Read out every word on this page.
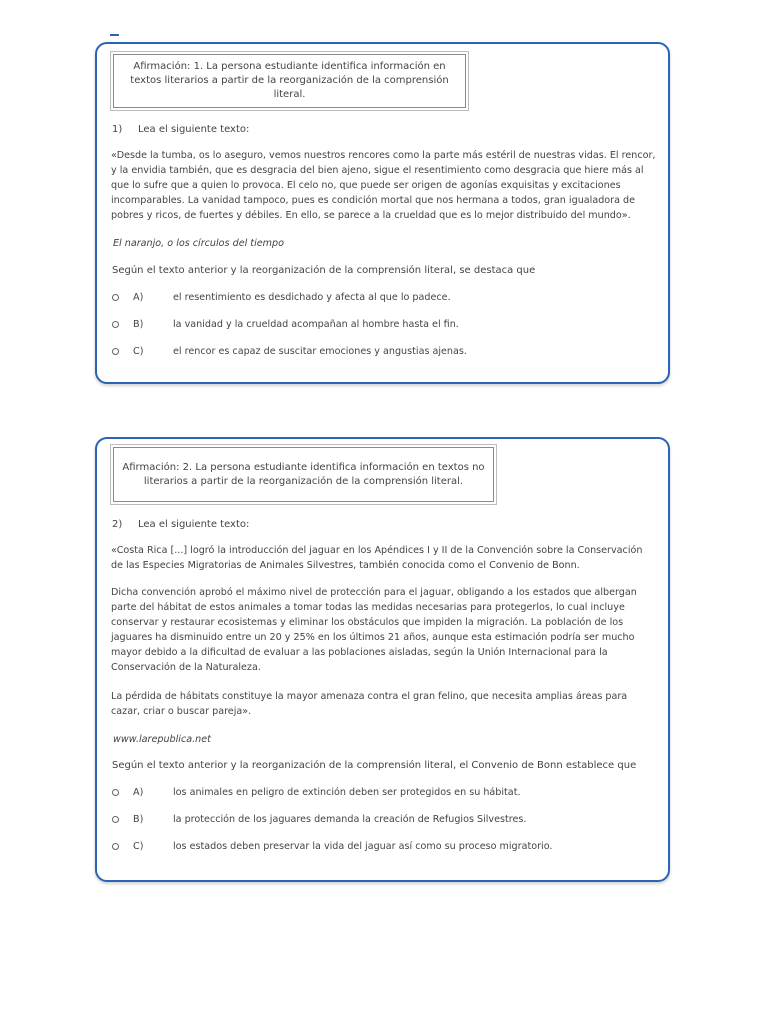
Afirmación: 1. La persona estudiante identifica información en textos literarios a partir de la reorganización de la comprensión literal.
1) Lea el siguiente texto:
«Desde la tumba, os lo aseguro, vemos nuestros rencores como la parte más estéril de nuestras vidas. El rencor, y la envidia también, que es desgracia del bien ajeno, sigue el resentimiento como desgracia que hiere más al que lo sufre que a quien lo provoca. El celo no, que puede ser origen de agonías exquisitas y excitaciones incomparables. La vanidad tampoco, pues es condición mortal que nos hermana a todos, gran igualadora de pobres y ricos, de fuertes y débiles. En ello, se parece a la crueldad que es lo mejor distribuido del mundo».
El naranjo, o los círculos del tiempo
Según el texto anterior y la reorganización de la comprensión literal, se destaca que
A)	el resentimiento es desdichado y afecta al que lo padece.
B)	la vanidad y la crueldad acompañan al hombre hasta el fin.
C)	el rencor es capaz de suscitar emociones y angustias ajenas.
Afirmación: 2. La persona estudiante identifica información en textos no literarios a partir de la reorganización de la comprensión literal.
2) Lea el siguiente texto:
«Costa Rica [...] logró la introducción del jaguar en los Apéndices I y II de la Convención sobre la Conservación de las Especies Migratorias de Animales Silvestres, también conocida como el Convenio de Bonn.
Dicha convención aprobó el máximo nivel de protección para el jaguar, obligando a los estados que albergan parte del hábitat de estos animales a tomar todas las medidas necesarias para protegerlos, lo cual incluye conservar y restaurar ecosistemas y eliminar los obstáculos que impiden la migración. La población de los jaguares ha disminuido entre un 20 y 25% en los últimos 21 años, aunque esta estimación podría ser mucho mayor debido a la dificultad de evaluar a las poblaciones aisladas, según la Unión Internacional para la Conservación de la Naturaleza.
La pérdida de hábitats constituye la mayor amenaza contra el gran felino, que necesita amplias áreas para cazar, criar o buscar pareja».
www.larepublica.net
Según el texto anterior y la reorganización de la comprensión literal, el Convenio de Bonn establece que
A)	los animales en peligro de extinción deben ser protegidos en su hábitat.
B)	la protección de los jaguares demanda la creación de Refugios Silvestres.
C)	los estados deben preservar la vida del jaguar así como su proceso migratorio.
